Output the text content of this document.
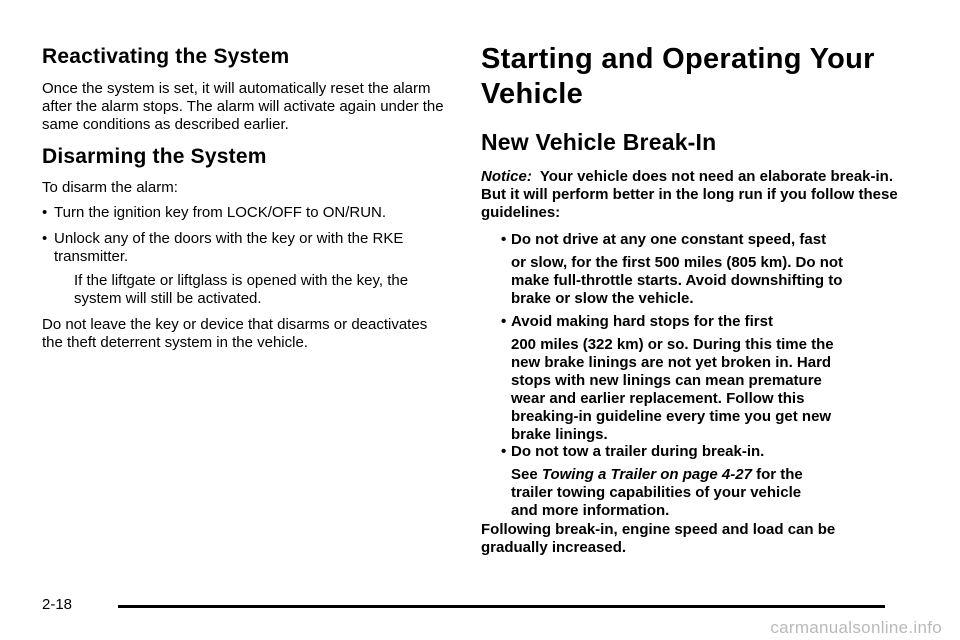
Reactivating the System

Once the system is set, it will automatically reset the alarm after the alarm stops. The alarm will activate again under the same conditions as described earlier.

Disarming the System

To disarm the alarm:

• Turn the ignition key from LOCK/OFF to ON/RUN.
• Unlock any of the doors with the key or with the RKE transmitter.

If the liftgate or liftglass is opened with the key, the system will still be activated.

Do not leave the key or device that disarms or deactivates the theft deterrent system in the vehicle.

Starting and Operating Your Vehicle
New Vehicle Break-In

Notice: Your vehicle does not need an elaborate break-in. But it will perform better in the long run if you follow these guidelines:

• Do not drive at any one constant speed, fast
or slow, for the first 500 miles (805 km). Do not make full-throttle starts. Avoid downshifting to brake or slow the vehicle.
• Avoid making hard stops for the first
200 miles (322 km) or so. During this time the new brake linings are not yet broken in. Hard stops with new linings can mean premature wear and earlier replacement. Follow this breaking-in guideline every time you get new brake linings.
• Do not tow a trailer during break-in.
See Towing a Trailer on page 4-27 for the trailer towing capabilities of your vehicle and more information.

Following break-in, engine speed and load can be gradually increased.

2-18
carmanualsonline.info
